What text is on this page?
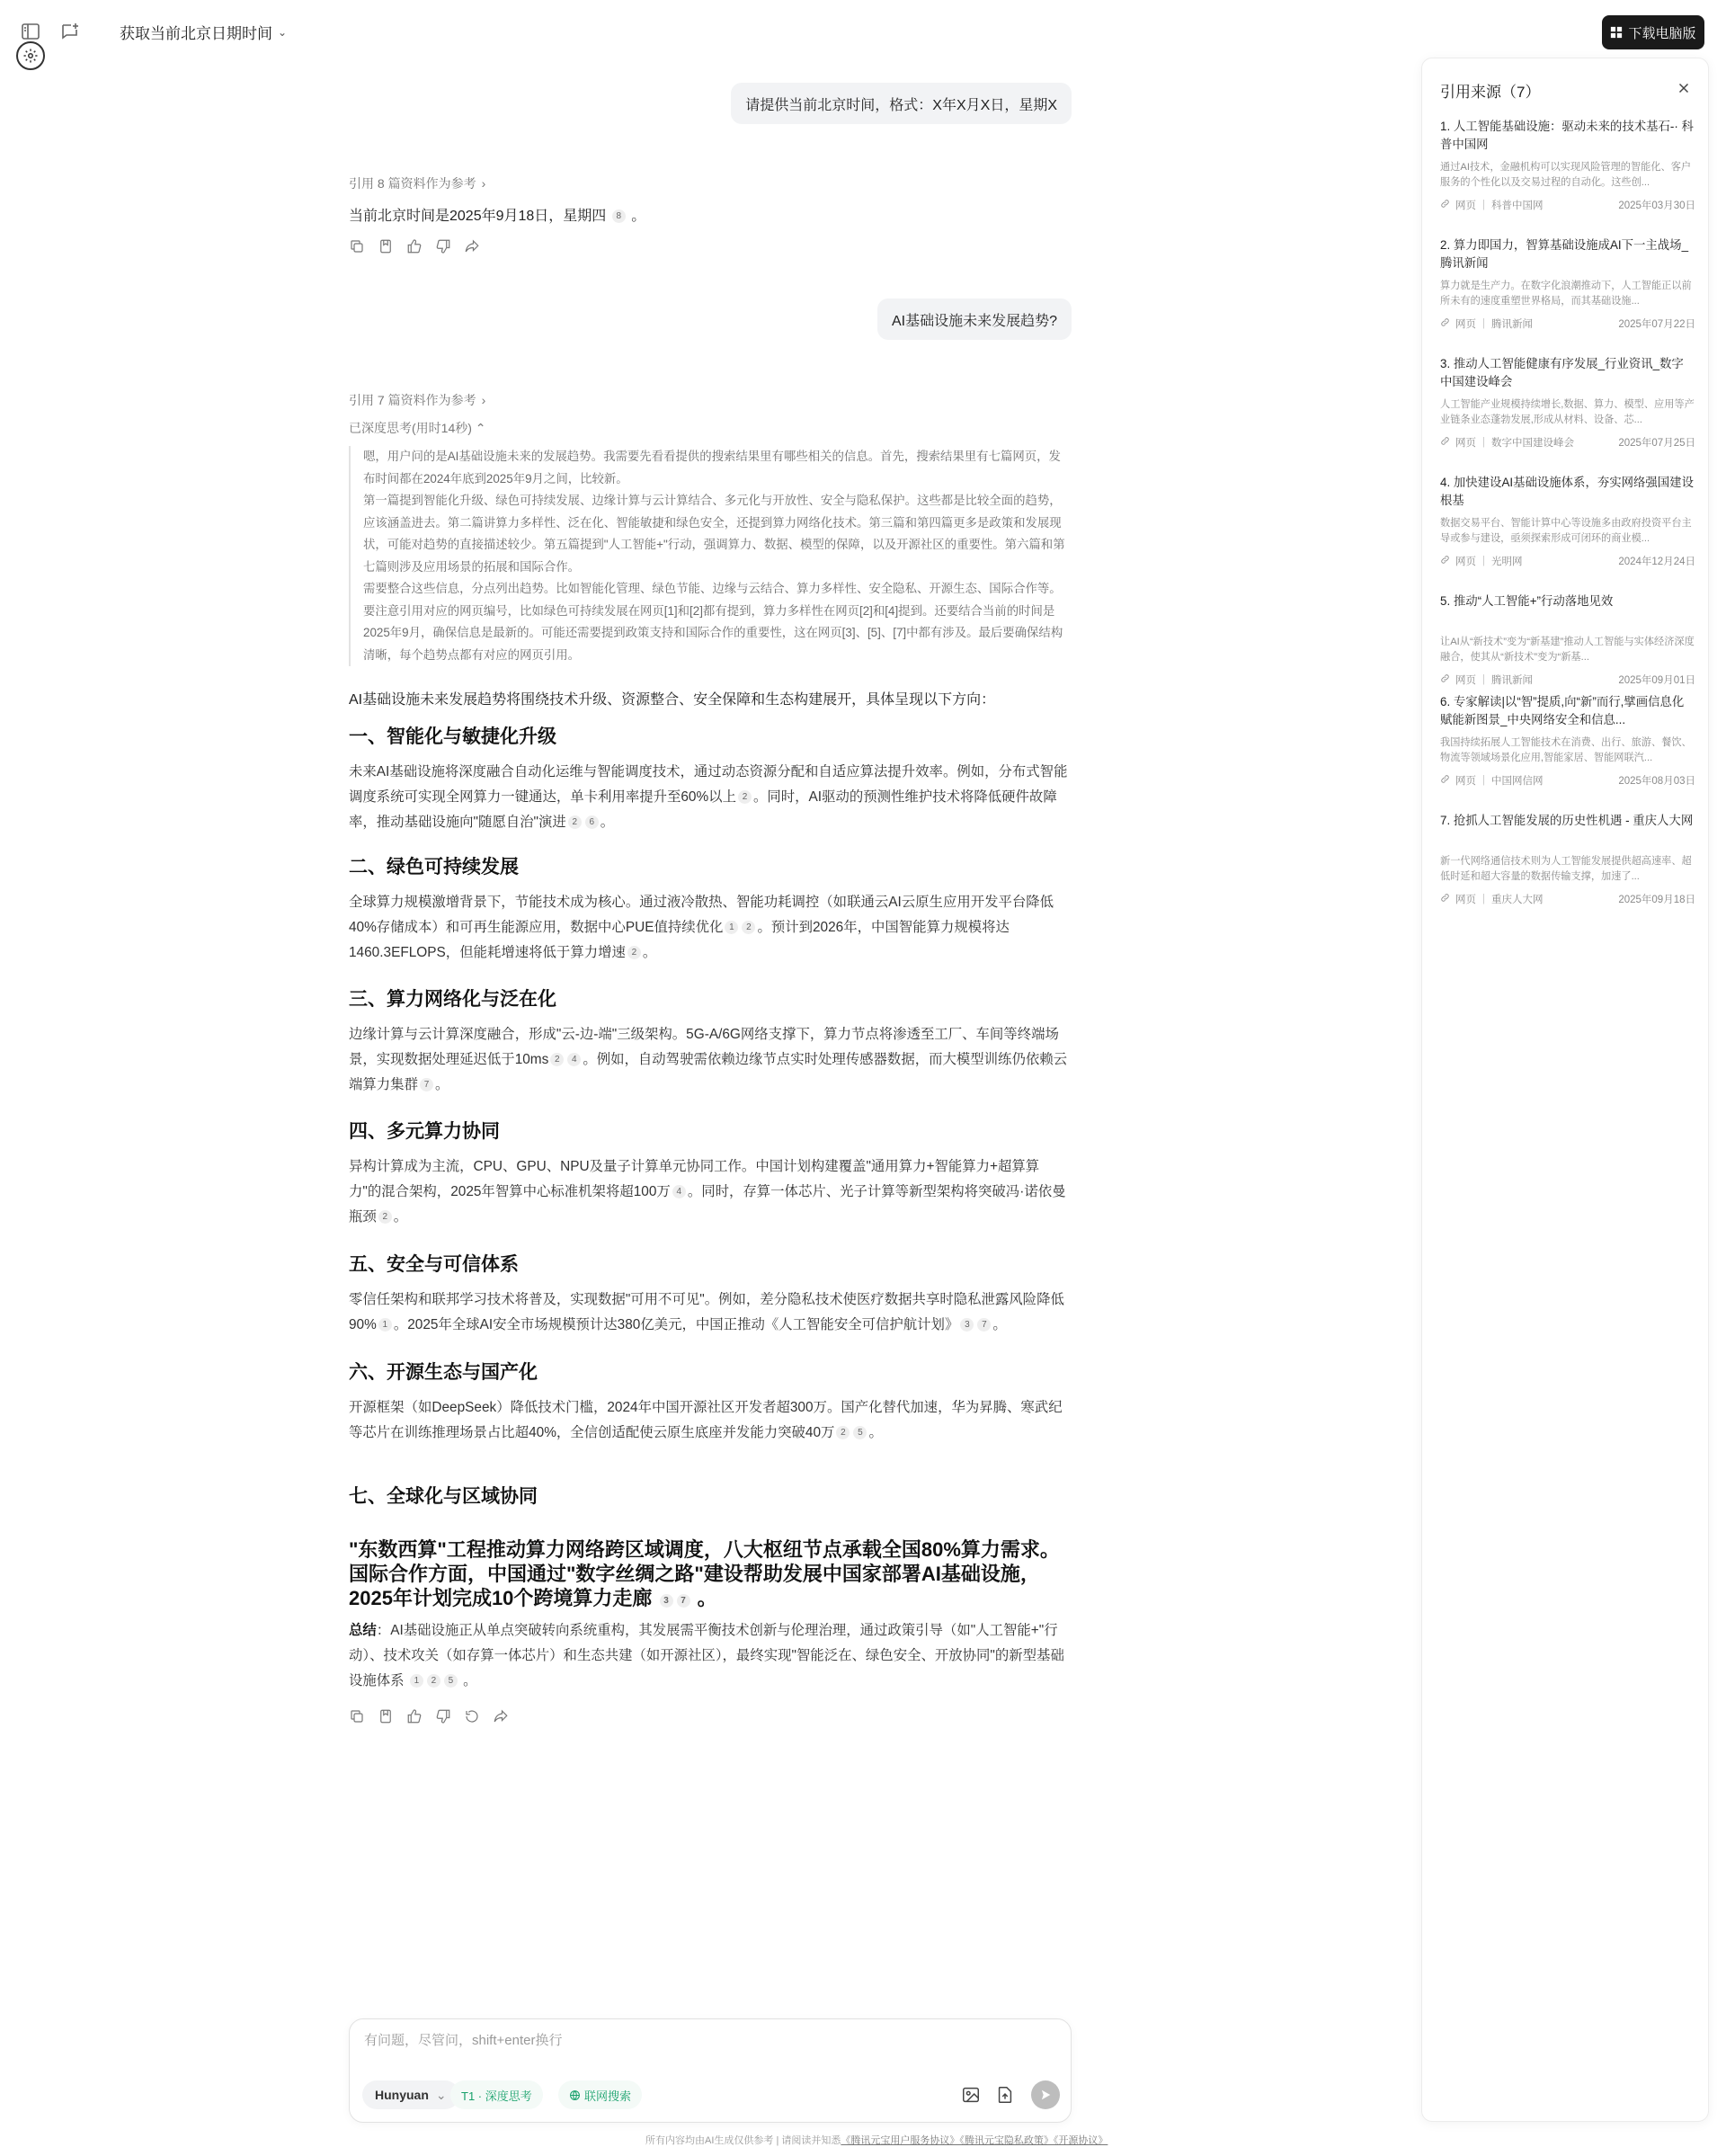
获取当前北京日期时间 ⌄	下载电脑版
请提供当前北京时间，格式：X年X月X日，星期X
引用 8 篇资料作为参考 ›
当前北京时间是2025年9月18日，星期四 8 。
AI基础设施未来发展趋势?
引用 7 篇资料作为参考 ›
已深度思考(用时14秒) ⌃
嗯，用户问的是AI基础设施未来的发展趋势。我需要先看看提供的搜索结果里有哪些相关的信息。首先，搜索结果里有七篇网页，发布时间都在2024年底到2025年9月之间，比较新。
第一篇提到智能化升级、绿色可持续发展、边缘计算与云计算结合、多元化与开放性、安全与隐私保护。这些都是比较全面的趋势，应该涵盖进去。第二篇讲算力多样性、泛在化、智能敏捷和绿色安全，还提到算力网络化技术。第三篇和第四篇更多是政策和发展现状，可能对趋势的直接描述较少。第五篇提到"人工智能+"行动，强调算力、数据、模型的保障，以及开源社区的重要性。第六篇和第七篇则涉及应用场景的拓展和国际合作。
需要整合这些信息，分点列出趋势。比如智能化管理、绿色节能、边缘与云结合、算力多样性、安全隐私、开源生态、国际合作等。要注意引用对应的网页编号，比如绿色可持续发展在网页[1]和[2]都有提到，算力多样性在网页[2]和[4]提到。还要结合当前的时间是2025年9月，确保信息是最新的。可能还需要提到政策支持和国际合作的重要性，这在网页[3]、[5]、[7]中都有涉及。最后要确保结构清晰，每个趋势点都有对应的网页引用。
AI基础设施未来发展趋势将围绕技术升级、资源整合、安全保障和生态构建展开，具体呈现以下方向：
一、智能化与敏捷化升级

未来AI基础设施将深度融合自动化运维与智能调度技术，通过动态资源分配和自适应算法提升效率。例如，分布式智能调度系统可实现全网算力一键通达，单卡利用率提升至60%以上 2 。同时，AI驱动的预测性维护技术将降低硬件故障率，推动基础设施向"随愿自治"演进 2 6 。

二、绿色可持续发展

全球算力规模激增背景下，节能技术成为核心。通过液冷散热、智能功耗调控（如联通云AI云原生应用开发平台降低40%存储成本）和可再生能源应用，数据中心PUE值持续优化 1 2 。预计到2026年，中国智能算力规模将达1460.3EFLOPS，但能耗增速将低于算力增速 2 。

三、算力网络化与泛在化

边缘计算与云计算深度融合，形成"云-边-端"三级架构。5G-A/6G网络支撑下，算力节点将渗透至工厂、车间等终端场景，实现数据处理延迟低于10ms 2 4 。例如，自动驾驶需依赖边缘节点实时处理传感器数据，而大模型训练仍依赖云端算力集群 7 。

四、多元算力协同

异构计算成为主流，CPU、GPU、NPU及量子计算单元协同工作。中国计划构建覆盖"通用算力+智能算力+超算算力"的混合架构，2025年智算中心标准机架将超100万 4 。同时，存算一体芯片、光子计算等新型架构将突破冯·诺依曼瓶颈 2 。

五、安全与可信体系

零信任架构和联邦学习技术将普及，实现数据"可用不可见"。例如，差分隐私技术使医疗数据共享时隐私泄露风险降低90% 1 。2025年全球AI安全市场规模预计达380亿美元，中国正推动《人工智能安全可信护航计划》 3 7 。

六、开源生态与国产化

开源框架（如DeepSeek）降低技术门槛，2024年中国开源社区开发者超300万。国产化替代加速，华为昇腾、寒武纪等芯片在训练推理场景占比超40%，全信创适配使云原生底座并发能力突破40万 2 5 。

七、全球化与区域协同
"东数西算"工程推动算力网络跨区域调度，八大枢纽节点承载全国80%算力需求。国际合作方面，中国通过"数字丝绸之路"建设帮助发展中国家部署AI基础设施，2025年计划完成10个跨境算力走廊 3 7 。
总结：AI基础设施正从单点突破转向系统重构，其发展需平衡技术创新与伦理治理，通过政策引导（如"人工智能+"行动）、技术攻关（如存算一体芯片）和生态共建（如开源社区），最终实现"智能泛在、绿色安全、开放协同"的新型基础设施体系 1 2 5 。
有问题，尽管问，shift+enter换行
Hunyuan ⌄ T1 · 深度思考	联网搜索
所有内容均由AI生成仅供参考 | 请阅读并知悉《腾讯元宝用户服务协议》《腾讯元宝隐私政策》《开源协议》
引用来源（7）
1. 人工智能基础设施：驱动未来的技术基石-· 科普中国网
通过AI技术，金融机构可以实现风险管理的智能化、客户服务的个性化以及交易过程的自动化。这些创...
网页 | 科普中国网	2025年03月30日
2. 算力即国力，智算基础设施成AI下一主战场_腾讯新闻
算力就是生产力。在数字化浪潮推动下，人工智能正以前所未有的速度重塑世界格局，而其基础设施...
网页 | 腾讯新闻	2025年07月22日
3. 推动人工智能健康有序发展_行业资讯_数字中国建设峰会
人工智能产业规模持续增长,数据、算力、模型、应用等产业链条业态蓬勃发展,形成从材料、设备、芯...
网页 | 数字中国建设峰会	2025年07月25日
4. 加快建设AI基础设施体系，夯实网络强国建设根基
数据交易平台、智能计算中心等设施多由政府投资平台主导或参与建设，亟须探索形成可闭环的商业模...
网页 | 光明网	2024年12月24日
5. 推动“人工智能+”行动落地见效
让AI从“新技术”变为“新基建”推动人工智能与实体经济深度融合，使其从“新技术”变为“新基...
网页 | 腾讯新闻	2025年09月01日
6. 专家解读|以“智”提质,向“新”而行,擘画信息化赋能新图景_中央网络安全和信息...
我国持续拓展人工智能技术在消费、出行、旅游、餐饮、物流等领域场景化应用,智能家居、智能网联汽...
网页 | 中国网信网	2025年08月03日
7. 抢抓人工智能发展的历史性机遇 - 重庆人大网
新一代网络通信技术则为人工智能发展提供超高速率、超低时延和超大容量的数据传输支撑，加速了...
网页 | 重庆人大网	2025年09月18日
